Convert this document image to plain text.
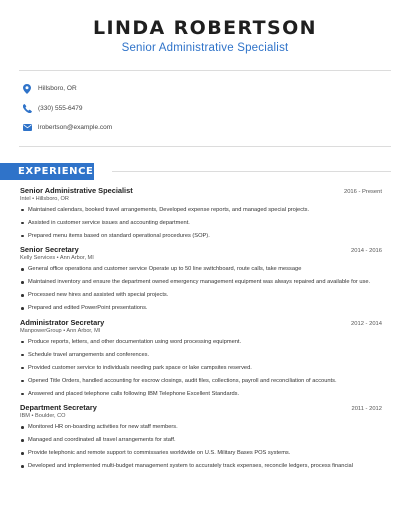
LINDA ROBERTSON
Senior Administrative Specialist
Hillsboro, OR
(330) 555-6479
lrobertson@example.com
EXPERIENCE
Senior Administrative Specialist	2016 - Present
Intel • Hillsboro, OR
Maintained calendars, booked travel arrangements, Developed expense reports, and managed special projects.
Assisted in customer service issues and accounting department.
Prepared menu items based on standard operational procedures (SOP).
Senior Secretary	2014 - 2016
Kelly Services • Ann Arbor, MI
General office operations and customer service Operate up to 50 line switchboard, route calls, take message
Maintained inventory and ensure the department owned emergency management equipment was always repaired and available for use.
Processed new hires and assisted with special projects.
Prepared and edited PowerPoint presentations.
Administrator Secretary	2012 - 2014
ManpowerGroup • Ann Arbor, MI
Produce reports, letters, and other documentation using word processing equipment.
Schedule travel arrangements and conferences.
Provided customer service to individuals needing park space or lake campsites reserved.
Opened Title Orders, handled accounting for escrow closings, audit files, collections, payroll and reconciliation of accounts.
Answered and placed telephone calls following IBM Telephone Excellent Standards.
Department Secretary	2011 - 2012
IBM • Boulder, CO
Monitored HR on-boarding activities for new staff members.
Managed and coordinated all travel arrangements for staff.
Provide telephonic and remote support to commissaries worldwide on U.S. Military Bases POS systems.
Developed and implemented multi-budget management system to accurately track expenses, reconcile ledgers, process financial
